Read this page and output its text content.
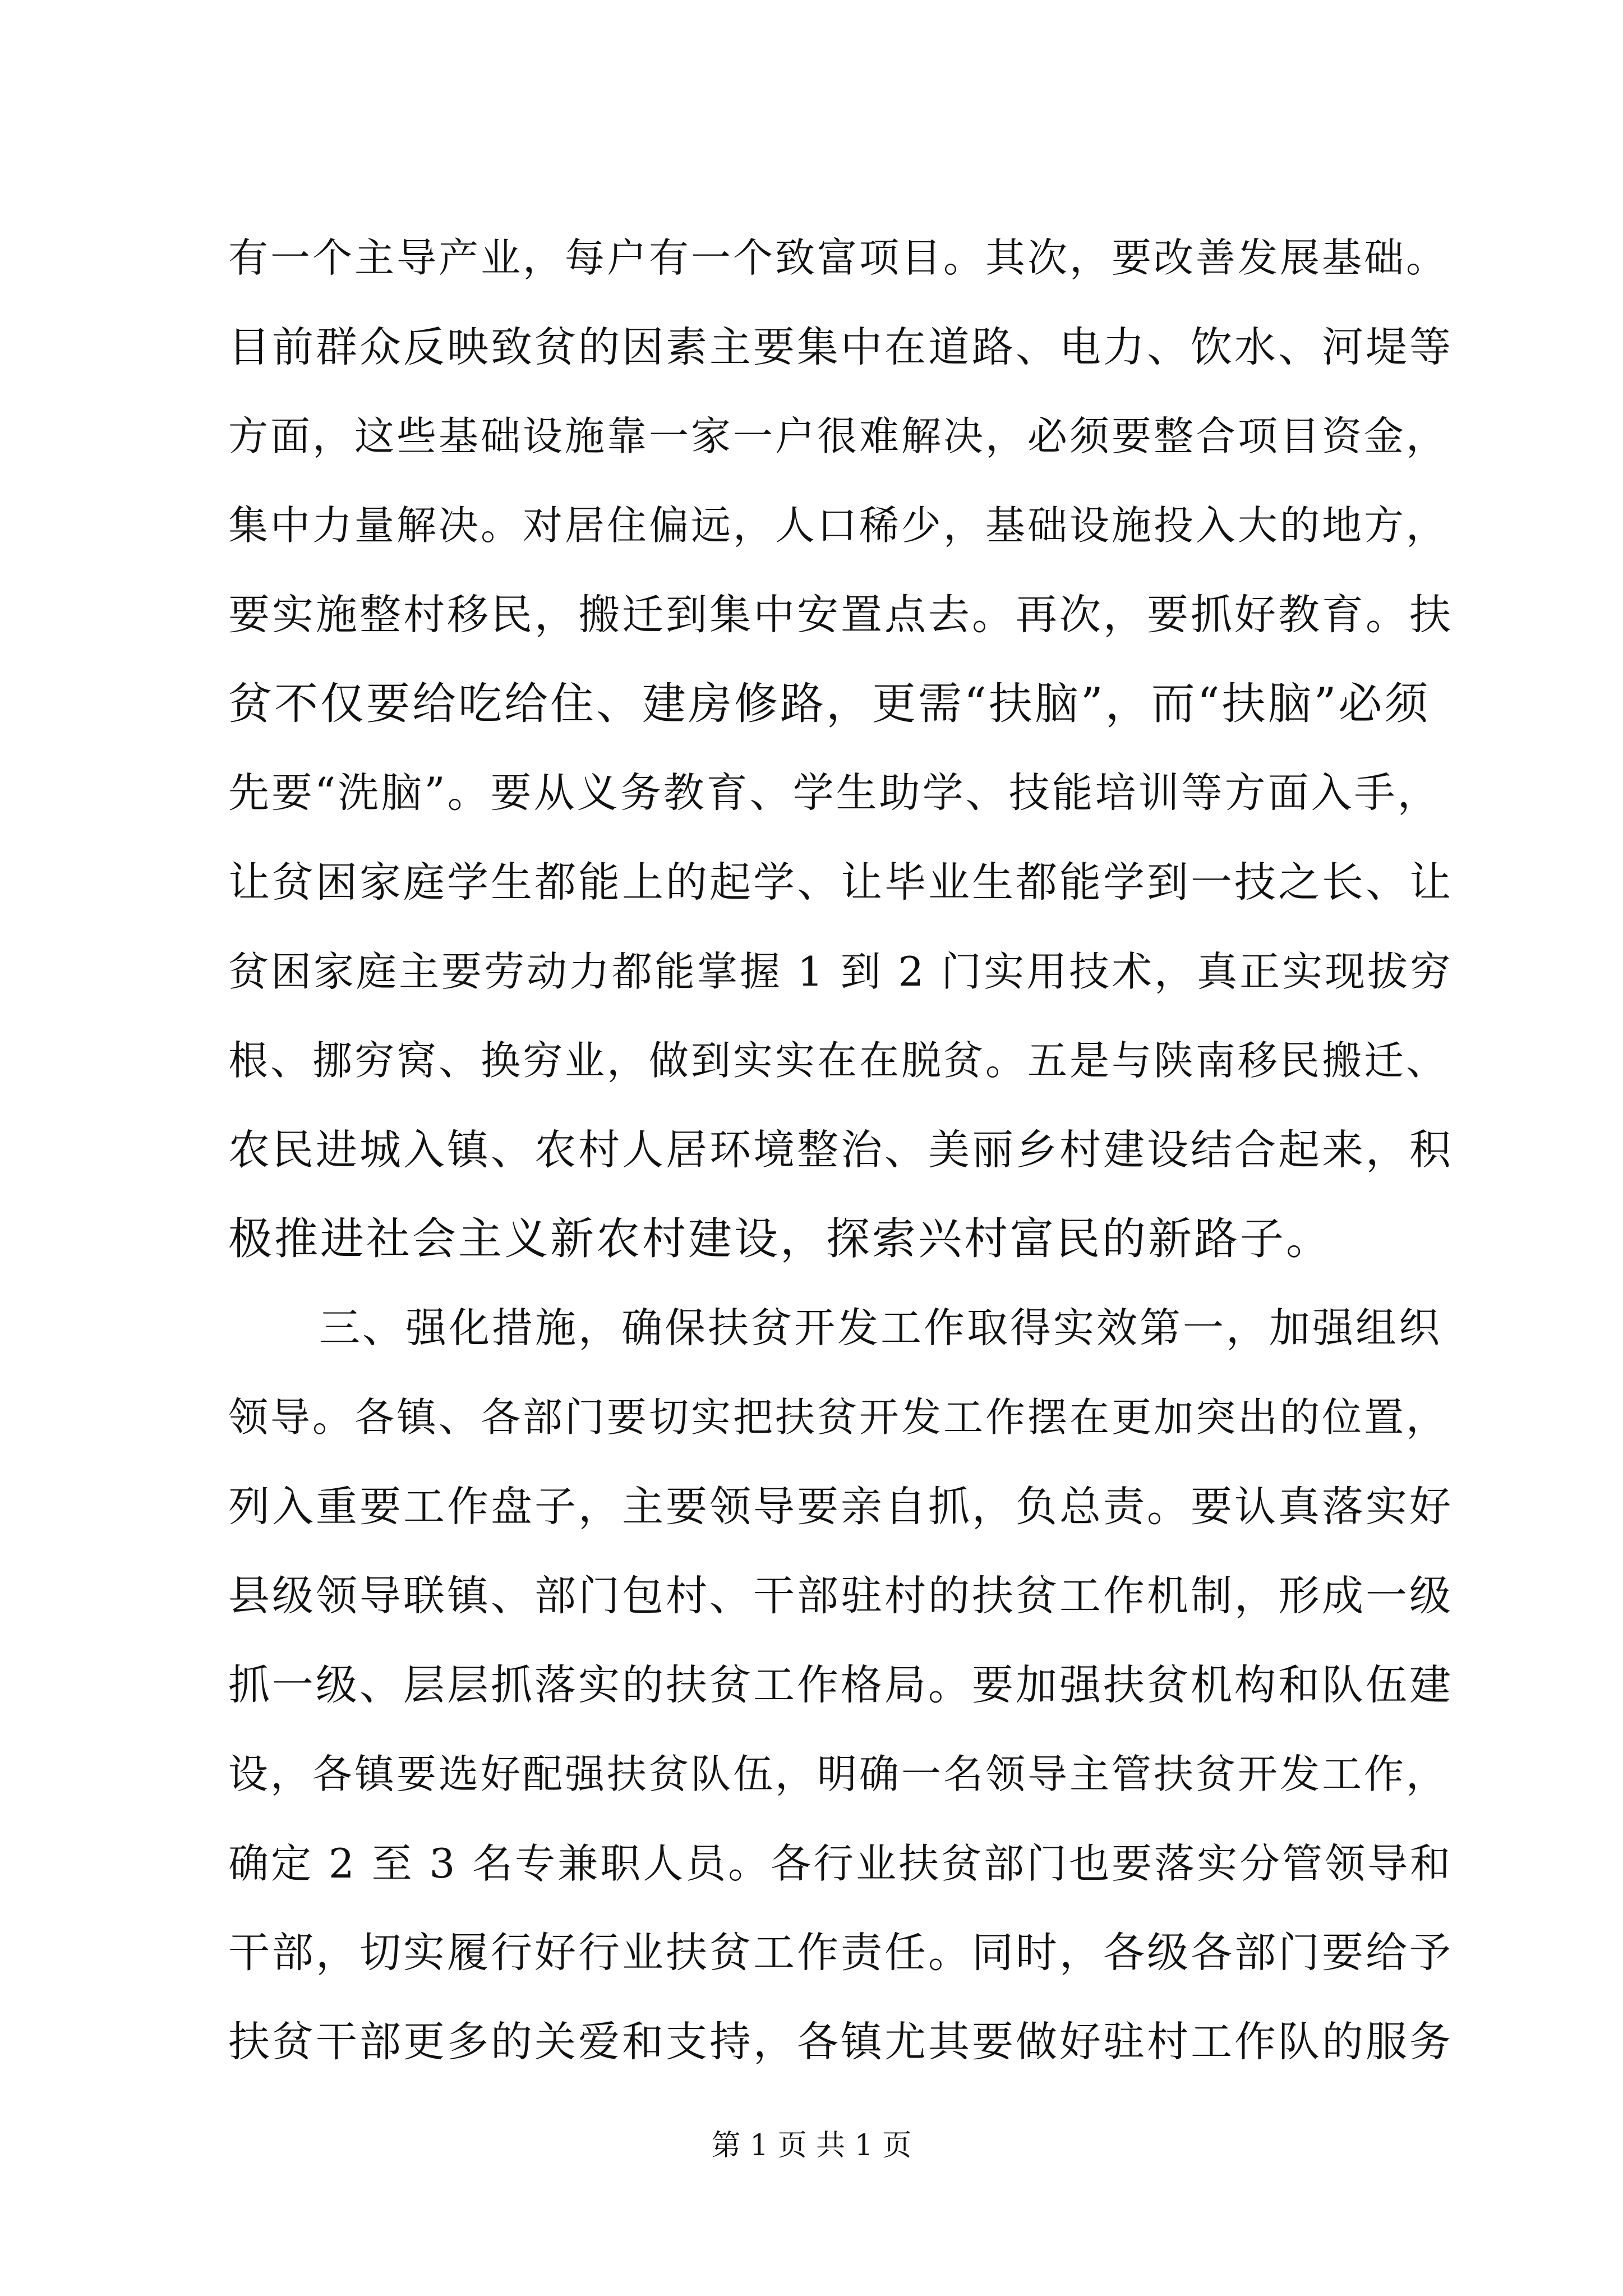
有一个主导产业，每户有一个致富项目。其次，要改善发展基础。
目前群众反映致贫的因素主要集中在道路、电力、饮水、河堤等
方面，这些基础设施靠一家一户很难解决，必须要整合项目资金，
集中力量解决。对居住偏远，人口稀少，基础设施投入大的地方，
要实施整村移民，搬迁到集中安置点去。再次，要抓好教育。扶
贫不仅要给吃给住、建房修路，更需“扶脑”，而“扶脑”必须
先要“洗脑”。要从义务教育、学生助学、技能培训等方面入手，
让贫困家庭学生都能上的起学、让毕业生都能学到一技之长、让
贫困家庭主要劳动力都能掌握 1 到 2 门实用技术，真正实现拔穷
根、挪穷窝、换穷业，做到实实在在脱贫。五是与陕南移民搬迁、
农民进城入镇、农村人居环境整治、美丽乡村建设结合起来，积
极推进社会主义新农村建设，探索兴村富民的新路子。
三、强化措施，确保扶贫开发工作取得实效第一，加强组织
领导。各镇、各部门要切实把扶贫开发工作摆在更加突出的位置，
列入重要工作盘子，主要领导要亲自抓，负总责。要认真落实好
县级领导联镇、部门包村、干部驻村的扶贫工作机制，形成一级
抓一级、层层抓落实的扶贫工作格局。要加强扶贫机构和队伍建
设，各镇要选好配强扶贫队伍，明确一名领导主管扶贫开发工作，
确定 2 至 3 名专兼职人员。各行业扶贫部门也要落实分管领导和
干部，切实履行好行业扶贫工作责任。同时，各级各部门要给予
扶贫干部更多的关爱和支持，各镇尤其要做好驻村工作队的服务
第 1 页 共 1 页
